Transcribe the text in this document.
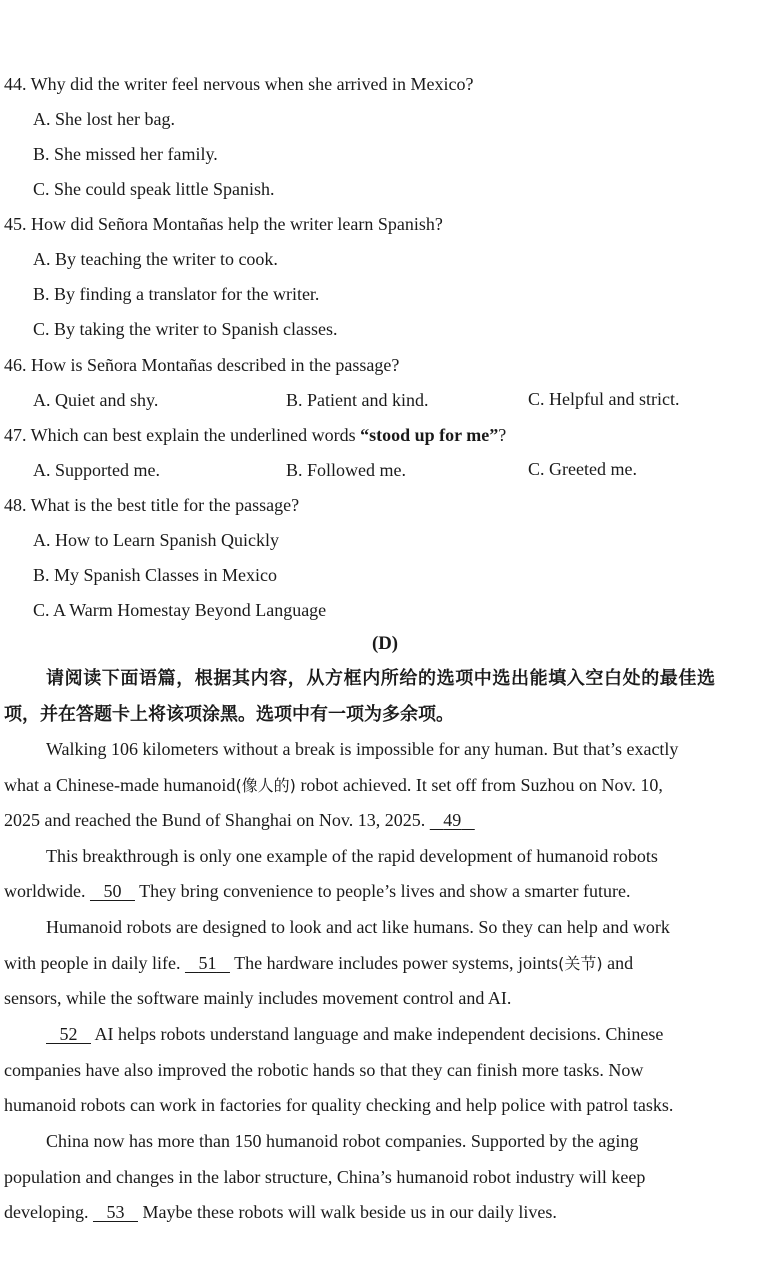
44. Why did the writer feel nervous when she arrived in Mexico?
A. She lost her bag.
B. She missed her family.
C. She could speak little Spanish.
45. How did Señora Montañas help the writer learn Spanish?
A. By teaching the writer to cook.
B. By finding a translator for the writer.
C. By taking the writer to Spanish classes.
46. How is Señora Montañas described in the passage?
A. Quiet and shy.	B. Patient and kind.	C. Helpful and strict.
47. Which can best explain the underlined words “stood up for me”?
A. Supported me.	B. Followed me.	C. Greeted me.
48. What is the best title for the passage?
A. How to Learn Spanish Quickly
B. My Spanish Classes in Mexico
C. A Warm Homestay Beyond Language
(D)
请阅读下面语篇，根据其内容，从方框内所给的选项中选出能填入空白处的最佳选
项，并在答题卡上将该项涂黑。选项中有一项为多余项。
Walking 106 kilometers without a break is impossible for any human. But that’s exactly
what a Chinese-made humanoid(像人的) robot achieved. It set off from Suzhou on Nov. 10,
2025 and reached the Bund of Shanghai on Nov. 13, 2025.    49
This breakthrough is only one example of the rapid development of humanoid robots
worldwide.    50    They bring convenience to people’s lives and show a smarter future.
Humanoid robots are designed to look and act like humans. So they can help and work
with people in daily life.    51    The hardware includes power systems, joints(关节) and
sensors, while the software mainly includes movement control and AI.
52    AI helps robots understand language and make independent decisions. Chinese
companies have also improved the robotic hands so that they can finish more tasks. Now
humanoid robots can work in factories for quality checking and help police with patrol tasks.
China now has more than 150 humanoid robot companies. Supported by the aging
population and changes in the labor structure, China’s humanoid robot industry will keep
developing.    53    Maybe these robots will walk beside us in our daily lives.
